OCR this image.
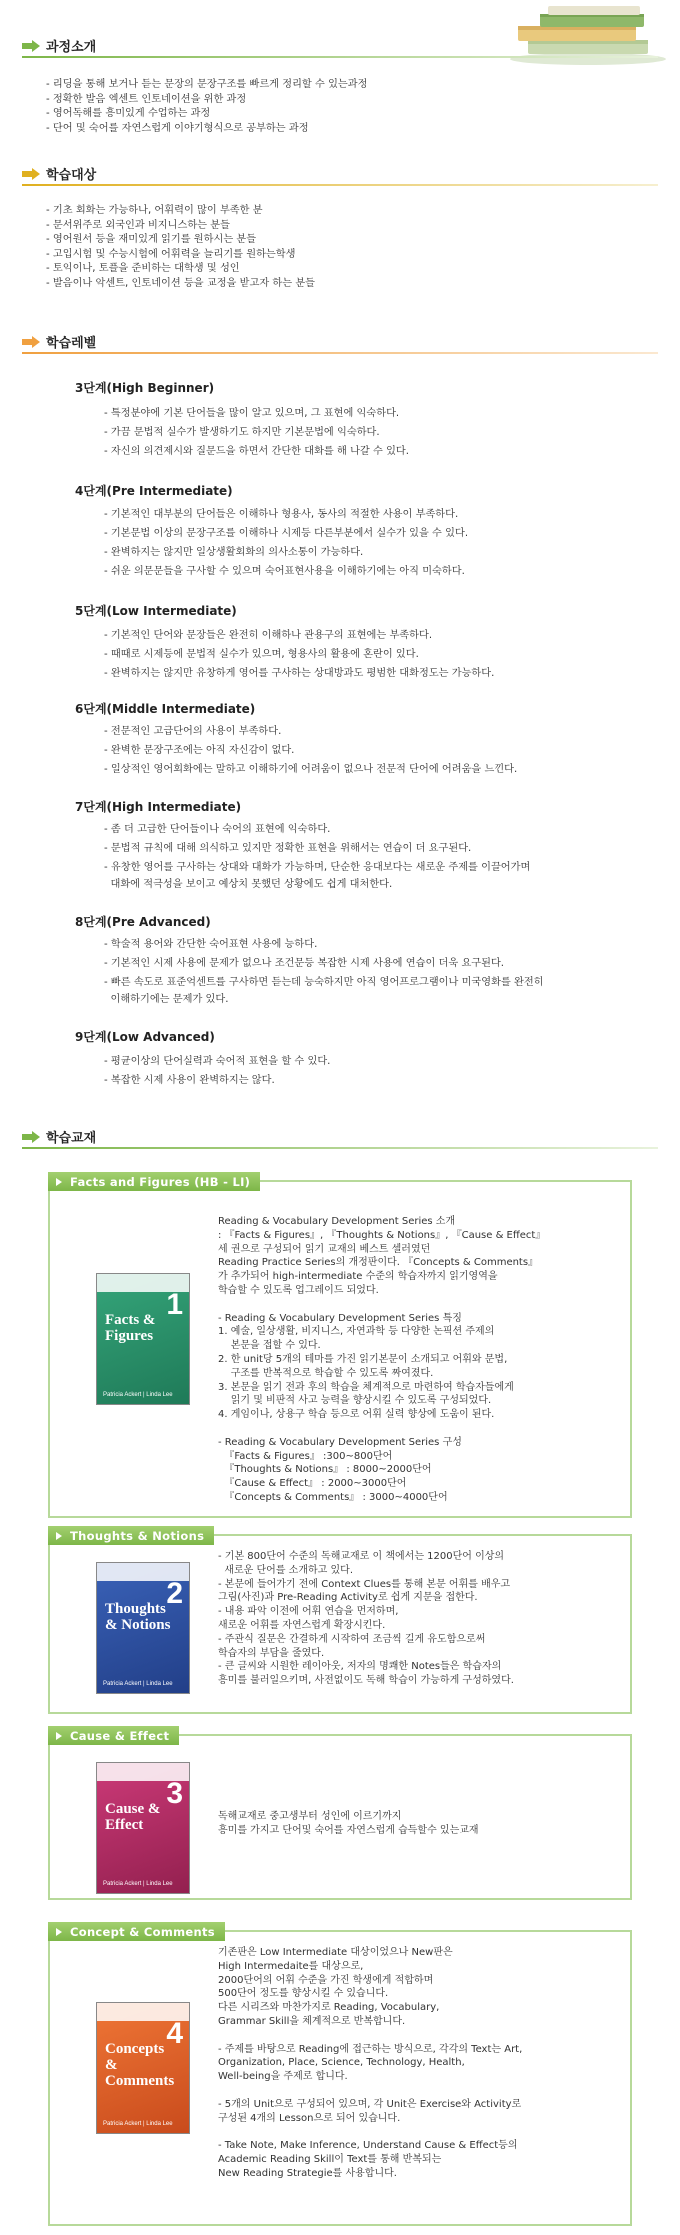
과정소개
- 리딩을 통해 보거나 듣는 문장의 문장구조를 빠르게 정리할 수 있는과정
- 정확한 발음 엑센트 인토네이션을 위한 과정
- 영어독해를 흥미있게 수업하는 과정
- 단어 및 숙어를 자연스럽게 이야기형식으로 공부하는 과정
학습대상
- 기초 회화는 가능하나, 어휘력이 많이 부족한 분
- 문서위주로 외국인과 비지니스하는 분들
- 영어원서 등을 재미있게 읽기를 원하시는 분들
- 고입시험 및 수능시험에 어휘력을 늘리기를 원하는학생
- 토익이나, 토플을 준비하는 대학생 및 성인
- 발음이나 악센트, 인토네이션 등을 교정을 받고자 하는 분들
학습레벨
3단계(High Beginner)
- 특정분야에 기본 단어들을 많이 알고 있으며, 그 표현에 익숙하다.
- 가끔 문법적 실수가 발생하기도 하지만 기본문법에 익숙하다.
- 자신의 의견제시와 질문드을 하면서 간단한 대화를 해 나갈 수 있다.
4단계(Pre Intermediate)
- 기본적인 대부분의 단어들은 이해하나 형용사, 동사의 적절한 사용이 부족하다.
- 기본문법 이상의 문장구조를 이해하나 시제등 다른부분에서 실수가 있을 수 있다.
- 완벽하지는 않지만 일상생활회화의 의사소통이 가능하다.
- 쉬운 의문문들을 구사할 수 있으며 숙어표현사용을 이해하기에는 아직 미숙하다.
5단계(Low Intermediate)
- 기본적인 단어와 문장들은 완전히 이해하나 관용구의 표현에는 부족하다.
- 때때로 시제등에 문법적 실수가 있으며, 형용사의 활용에 혼란이 있다.
- 완벽하지는 않지만 유창하게 영어를 구사하는 상대방과도 평범한 대화정도는 가능하다.
6단계(Middle Intermediate)
- 전문적인 고급단어의 사용이 부족하다.
- 완벽한 문장구조에는 아직 자신감이 없다.
- 일상적인 영어회화에는 말하고 이해하기에 어려움이 없으나 전문적 단어에 어려움을 느낀다.
7단계(High Intermediate)
- 좀 더 고급한 단어들이나 숙어의 표현에 익숙하다.
- 문법적 규칙에 대해 의식하고 있지만 정확한 표현을 위해서는 연습이 더 요구된다.
- 유창한 영어를 구사하는 상대와 대화가 가능하며, 단순한 응대보다는 새로운 주제를 이끌어가며
대화에 적극성을 보이고 예상치 못했던 상황에도 쉽게 대처한다.
8단계(Pre Advanced)
- 학술적 용어와 간단한 숙어표현 사용에 능하다.
- 기본적인 시제 사용에 문제가 없으나 조건문등 복잡한 시제 사용에 연습이 더욱 요구된다.
- 빠른 속도로 표준억센트를 구사하면 듣는데 능숙하지만 아직 영어프로그램이나 미국영화를 완전히
이해하기에는 문제가 있다.
9단계(Low Advanced)
- 평균이상의 단어실력과 숙어적 표현을 할 수 있다.
- 복잡한 시제 사용이 완벽하지는 않다.
학습교재
Facts and Figures (HB - LI)
1
Facts & Figures
Patricia Ackert | Linda Lee

Reading & Vocabulary Development Series 소개
: 『Facts & Figures』, 『Thoughts & Notions』, 『Cause & Effect』
세 권으로 구성되어 읽기 교재의 베스트 셀러였던
Reading Practice Series의 개정판이다. 『Concepts & Comments』
가 추가되어 high-intermediate 수준의 학습자까지 읽기영역을
학습할 수 있도록 업그레이드 되었다.

- Reading & Vocabulary Development Series 특징
1. 예술, 일상생활, 비지니스, 자연과학 등 다양한 논픽션 주제의
본문을 접할 수 있다.
2. 한 unit당 5개의 테마를 가진 읽기본문이 소개되고 어휘와 문법,
구조를 반복적으로 학습할 수 있도록 짜여졌다.
3. 본문을 읽기 전과 후의 학습을 체계적으로 마련하여 학습자들에게
읽기 및 비판적 사고 능력을 향상시킬 수 있도록 구성되었다.
4. 게임이나, 상용구 학습 등으로 어휘 실력 향상에 도움이 된다.

- Reading & Vocabulary Development Series 구성
『Facts & Figures』 :300~800단어
『Thoughts & Notions』 : 8000~2000단어
『Cause & Effect』 : 2000~3000단어
『Concepts & Comments』 : 3000~4000단어

Thoughts & Notions
2
Thoughts & Notions
Patricia Ackert | Linda Lee

- 기본 800단어 수준의 독해교재로 이 책에서는 1200단어 이상의
새로운 단어를 소개하고 있다.
- 본문에 들어가기 전에 Context Clues를 통해 본문 어휘를 배우고
그림(사진)과 Pre-Reading Activity로 쉽게 지문을 접한다.
- 내용 파악 이전에 어휘 연습을 먼저하며,
새로운 어휘를 자연스럽게 확장시킨다.
- 주관식 질문은 간결하게 시작하여 조금씩 길게 유도함으로써
학습자의 부담을 줄였다.
- 큰 글씨와 시원한 레이아웃, 저자의 명쾌한 Notes들은 학습자의
흥미를 불러일으키며, 사전없이도 독해 학습이 가능하게 구성하였다.

Cause & Effect
3
Cause & Effect
Patricia Ackert | Linda Lee

독해교재로 중고생부터 성인에 이르기까지
흥미를 가지고 단어및 숙어를 자연스럽게 습득할수 있는교재

Concept & Comments
4
Concepts & Comments
Patricia Ackert | Linda Lee

기존판은 Low Intermediate 대상이었으나 New판은
High Intermedaite를 대상으로,
2000단어의 어휘 수준을 가진 학생에게 적합하며
500단어 정도를 향상시킬 수 있습니다.
다른 시리즈와 마찬가지로 Reading, Vocabulary,
Grammar Skill을 체계적으로 반복합니다.

- 주제를 바탕으로 Reading에 접근하는 방식으로, 각각의 Text는 Art,
Organization, Place, Science, Technology, Health,
Well-being을 주제로 합니다.

- 5개의 Unit으로 구성되어 있으며, 각 Unit은 Exercise와 Activity로
구성된 4개의 Lesson으로 되어 있습니다.

- Take Note, Make Inference, Understand Cause & Effect등의
Academic Reading Skill이 Text를 통해 반복되는
New Reading Strategie를 사용합니다.
